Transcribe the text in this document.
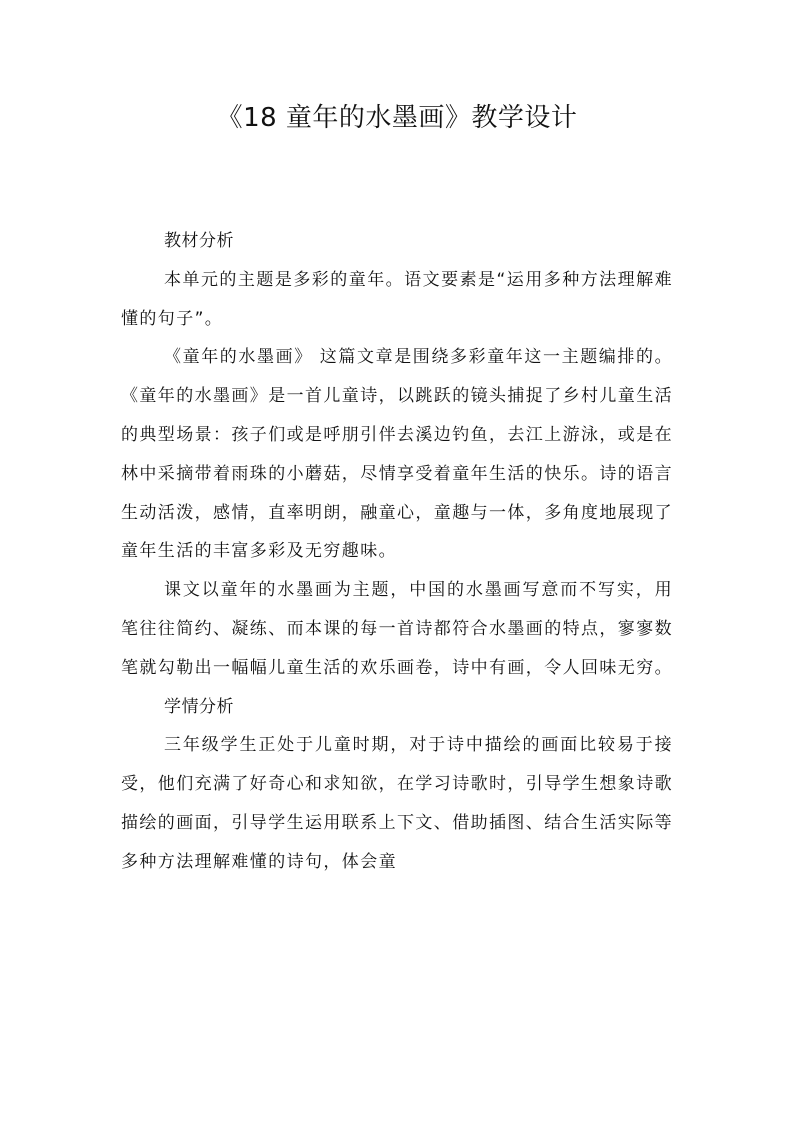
《18 童年的水墨画》教学设计

教材分析

本单元的主题是多彩的童年。语文要素是“运用多种方法理解难懂的句子”。

《童年的水墨画》 这篇文章是围绕多彩童年这一主题编排的。《童年的水墨画》是一首儿童诗，以跳跃的镜头捕捉了乡村儿童生活的典型场景：孩子们或是呼朋引伴去溪边钓鱼，去江上游泳，或是在林中采摘带着雨珠的小蘑菇，尽情享受着童年生活的快乐。诗的语言生动活泼，感情，直率明朗，融童心，童趣与一体，多角度地展现了童年生活的丰富多彩及无穷趣味。

课文以童年的水墨画为主题，中国的水墨画写意而不写实，用笔往往简约、凝练、而本课的每一首诗都符合水墨画的特点，寥寥数笔就勾勒出一幅幅儿童生活的欢乐画卷，诗中有画，令人回味无穷。

学情分析

三年级学生正处于儿童时期，对于诗中描绘的画面比较易于接受，他们充满了好奇心和求知欲，在学习诗歌时，引导学生想象诗歌描绘的画面，引导学生运用联系上下文、借助插图、结合生活实际等多种方法理解难懂的诗句，体会童
